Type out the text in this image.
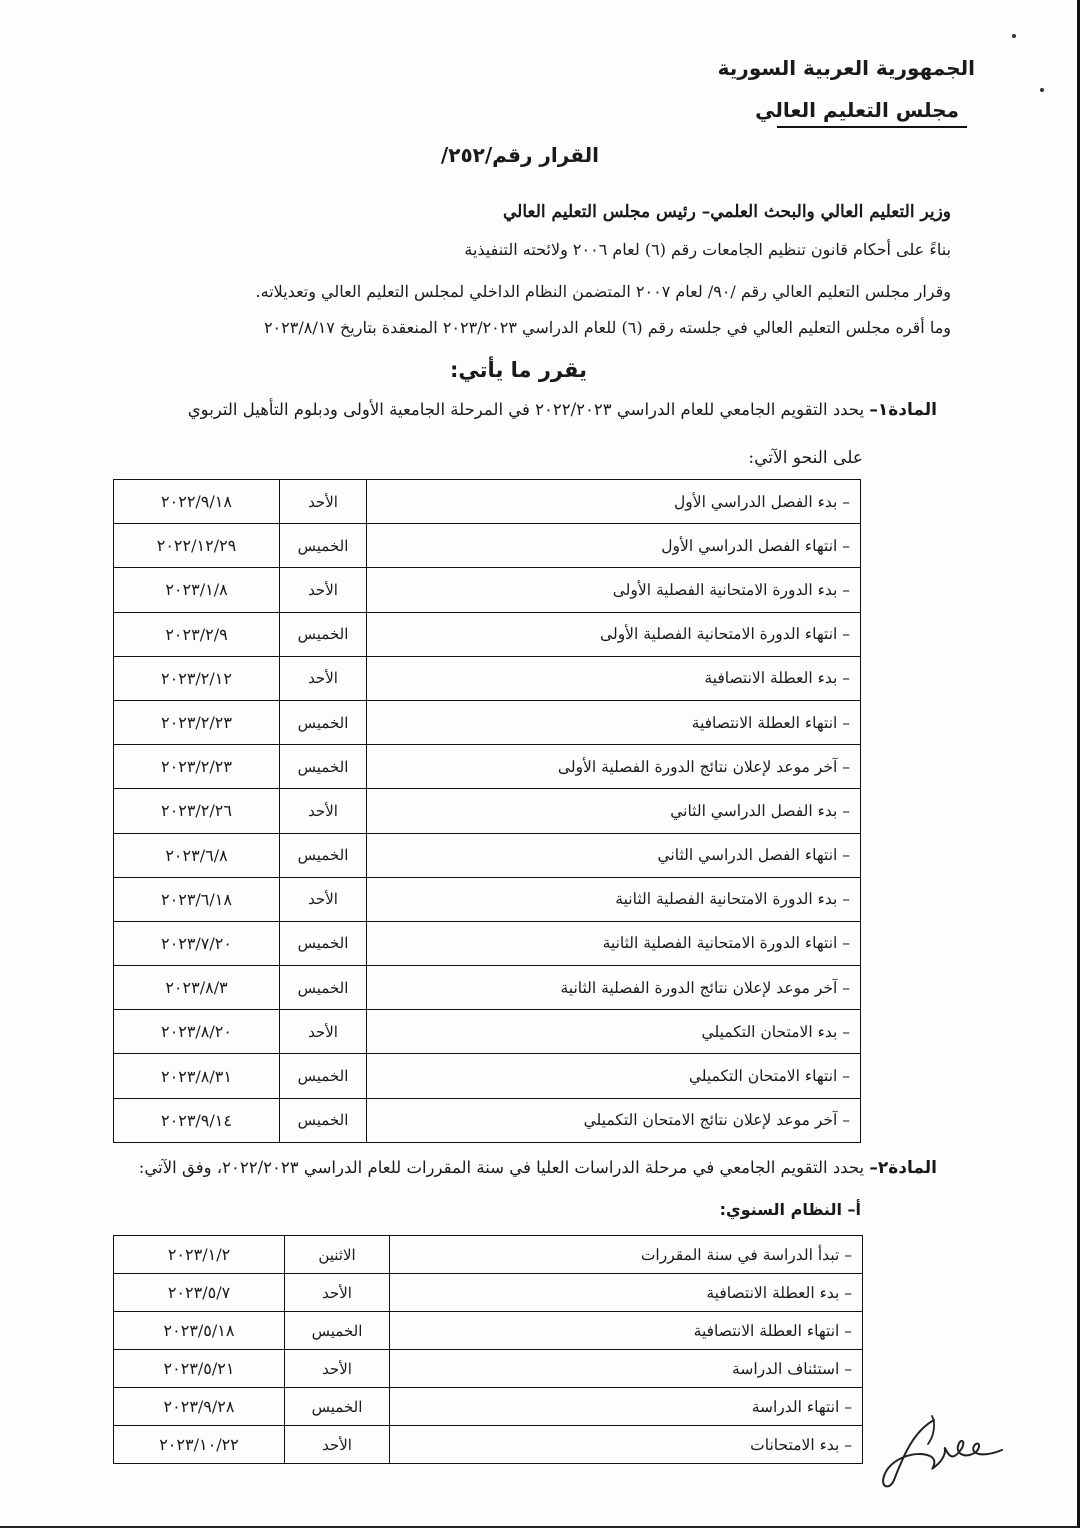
الجمهورية العربية السورية
مجلس التعليم العالي
القرار رقم/٢٥٢/
وزير التعليم العالي والبحث العلمي– رئيس مجلس التعليم العالي
بناءً على أحكام قانون تنظيم الجامعات رقم (٦) لعام ٢٠٠٦ ولائحته التنفيذية
وقرار مجلس التعليم العالي رقم /٩٠/ لعام ٢٠٠٧ المتضمن النظام الداخلي لمجلس التعليم العالي وتعديلاته.
وما أقره مجلس التعليم العالي في جلسته رقم (٦) للعام الدراسي ٢٠٢٣/٢٠٢٣ المنعقدة بتاريخ ٢٠٢٣/٨/١٧
يقرر ما يأتي:
المادة١– يحدد التقويم الجامعي للعام الدراسي ٢٠٢٢/٢٠٢٣ في المرحلة الجامعية الأولى ودبلوم التأهيل التربوي
على النحو الآتي:
– بدء الفصل الدراسي الأول	الأحد	٢٠٢٢/٩/١٨
– انتهاء الفصل الدراسي الأول	الخميس	٢٠٢٢/١٢/٢٩
– بدء الدورة الامتحانية الفصلية الأولى	الأحد	٢٠٢٣/١/٨
– انتهاء الدورة الامتحانية الفصلية الأولى	الخميس	٢٠٢٣/٢/٩
– بدء العطلة الانتصافية	الأحد	٢٠٢٣/٢/١٢
– انتهاء العطلة الانتصافية	الخميس	٢٠٢٣/٢/٢٣
– آخر موعد لإعلان نتائج الدورة الفصلية الأولى	الخميس	٢٠٢٣/٢/٢٣
– بدء الفصل الدراسي الثاني	الأحد	٢٠٢٣/٢/٢٦
– انتهاء الفصل الدراسي الثاني	الخميس	٢٠٢٣/٦/٨
– بدء الدورة الامتحانية الفصلية الثانية	الأحد	٢٠٢٣/٦/١٨
– انتهاء الدورة الامتحانية الفصلية الثانية	الخميس	٢٠٢٣/٧/٢٠
– آخر موعد لإعلان نتائج الدورة الفصلية الثانية	الخميس	٢٠٢٣/٨/٣
– بدء الامتحان التكميلي	الأحد	٢٠٢٣/٨/٢٠
– انتهاء الامتحان التكميلي	الخميس	٢٠٢٣/٨/٣١
– آخر موعد لإعلان نتائج الامتحان التكميلي	الخميس	٢٠٢٣/٩/١٤
المادة٢– يحدد التقويم الجامعي في مرحلة الدراسات العليا في سنة المقررات للعام الدراسي ٢٠٢٢/٢٠٢٣، وفق الآتي:
أ– النظام السنوي:
– تبدأ الدراسة في سنة المقررات	الاثنين	٢٠٢٣/١/٢
– بدء العطلة الانتصافية	الأحد	٢٠٢٣/٥/٧
– انتهاء العطلة الانتصافية	الخميس	٢٠٢٣/٥/١٨
– استئناف الدراسة	الأحد	٢٠٢٣/٥/٢١
– انتهاء الدراسة	الخميس	٢٠٢٣/٩/٢٨
– بدء الامتحانات	الأحد	٢٠٢٣/١٠/٢٢
